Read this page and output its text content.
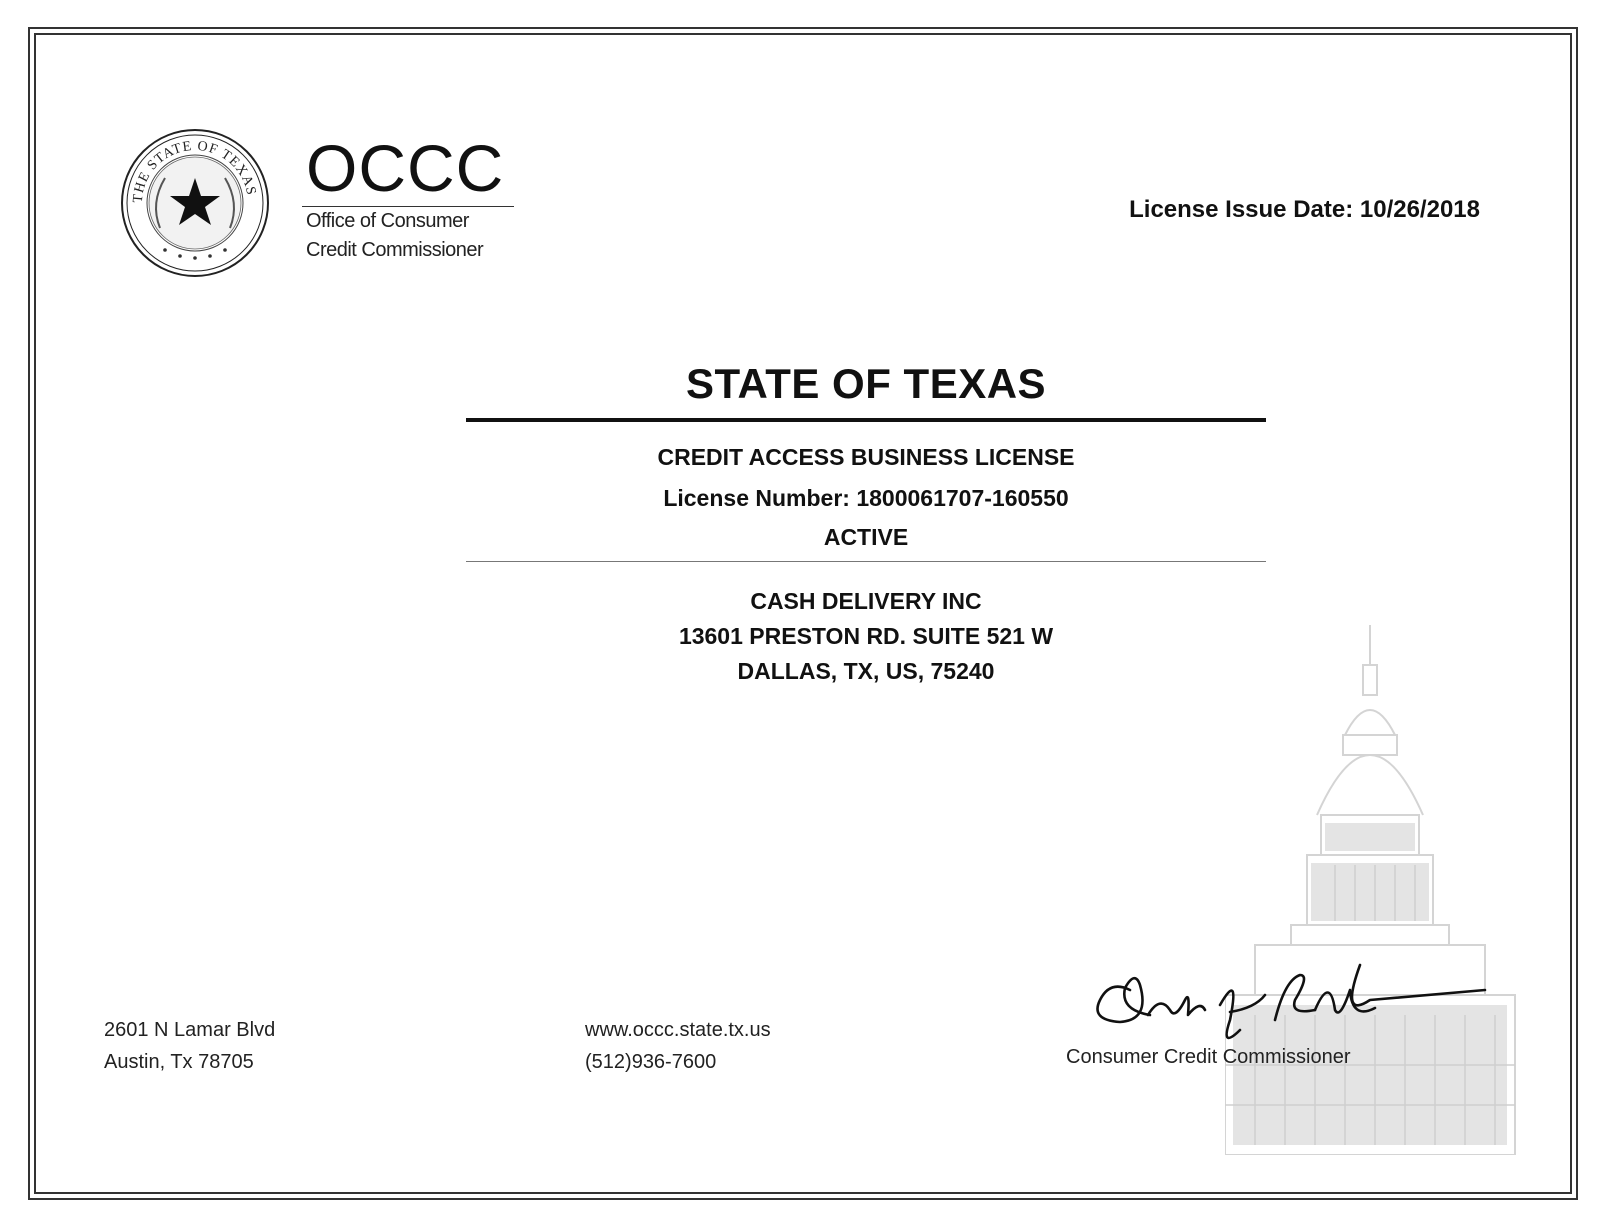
THE STATE OF TEXAS OCCC
Office of Consumer
Credit Commissioner
License Issue Date: 10/26/2018
STATE OF TEXAS
CREDIT ACCESS BUSINESS LICENSE
License Number: 1800061707-160550
ACTIVE
CASH DELIVERY INC
13601 PRESTON RD. SUITE 521 W
DALLAS, TX, US, 75240
2601 N Lamar Blvd
Austin, Tx 78705
www.occc.state.tx.us
(512)936-7600	Consumer Credit Commissioner
